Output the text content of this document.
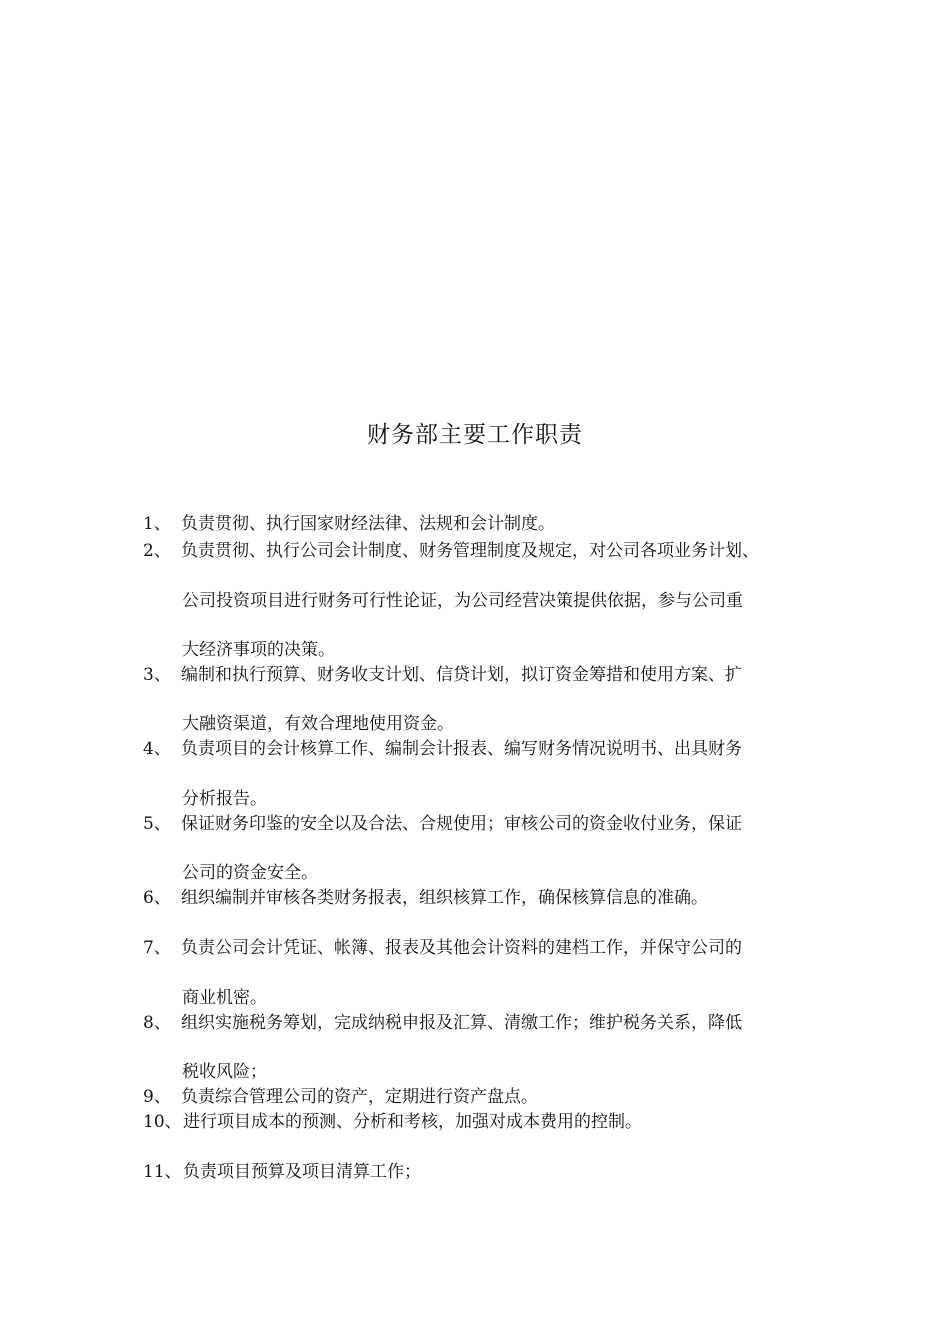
财务部主要工作职责
1、 负责贯彻、执行国家财经法律、法规和会计制度。
2、 负责贯彻、执行公司会计制度、财务管理制度及规定，对公司各项业务计划、
公司投资项目进行财务可行性论证，为公司经营决策提供依据，参与公司重
大经济事项的决策。
3、 编制和执行预算、财务收支计划、信贷计划，拟订资金筹措和使用方案、扩
大融资渠道，有效合理地使用资金。
4、 负责项目的会计核算工作、编制会计报表、编写财务情况说明书、出具财务
分析报告。
5、 保证财务印鉴的安全以及合法、合规使用；审核公司的资金收付业务，保证
公司的资金安全。
6、 组织编制并审核各类财务报表，组织核算工作，确保核算信息的准确。
7、 负责公司会计凭证、帐簿、报表及其他会计资料的建档工作，并保守公司的
商业机密。
8、 组织实施税务筹划，完成纳税申报及汇算、清缴工作；维护税务关系，降低
税收风险；
9、 负责综合管理公司的资产，定期进行资产盘点。
10、进行项目成本的预测、分析和考核，加强对成本费用的控制。
11、负责项目预算及项目清算工作；
